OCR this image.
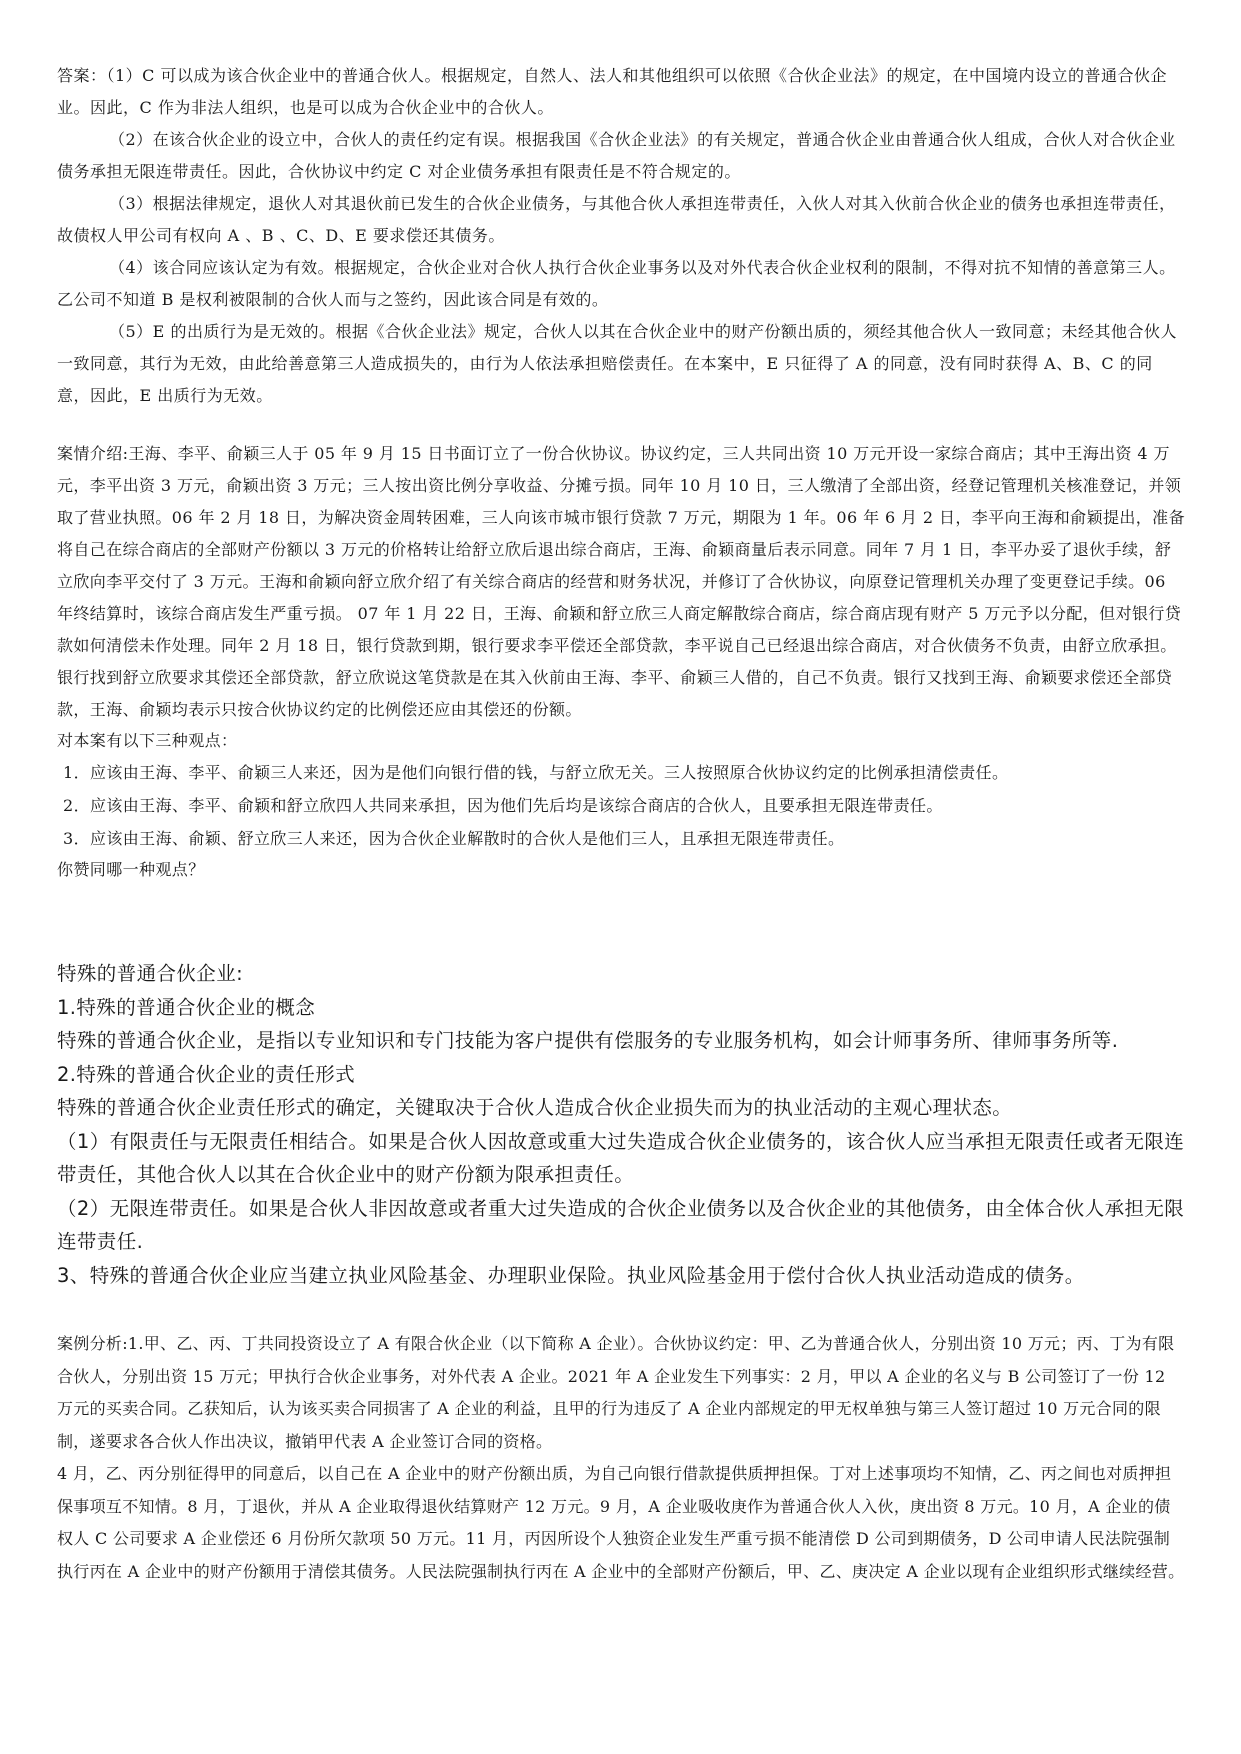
答案：（1）C 可以成为该合伙企业中的普通合伙人。根据规定，自然人、法人和其他组织可以依照《合伙企业法》的规定，在中国境内设立的普通合伙企业。因此，C 作为非法人组织，也是可以成为合伙企业中的合伙人。

（2）在该合伙企业的设立中，合伙人的责任约定有误。根据我国《合伙企业法》的有关规定，普通合伙企业由普通合伙人组成，合伙人对合伙企业债务承担无限连带责任。因此，合伙协议中约定 C 对企业债务承担有限责任是不符合规定的。

（3）根据法律规定，退伙人对其退伙前已发生的合伙企业债务，与其他合伙人承担连带责任，入伙人对其入伙前合伙企业的债务也承担连带责任，故债权人甲公司有权向 A 、B 、C、D、E 要求偿还其债务。

（4）该合同应该认定为有效。根据规定，合伙企业对合伙人执行合伙企业事务以及对外代表合伙企业权利的限制，不得对抗不知情的善意第三人。乙公司不知道 B 是权利被限制的合伙人而与之签约，因此该合同是有效的。

（5）E 的出质行为是无效的。根据《合伙企业法》规定，合伙人以其在合伙企业中的财产份额出质的，须经其他合伙人一致同意；未经其他合伙人一致同意，其行为无效，由此给善意第三人造成损失的，由行为人依法承担赔偿责任。在本案中，E 只征得了 A 的同意，没有同时获得 A、B、C 的同意，因此，E 出质行为无效。

案情介绍:王海、李平、俞颖三人于 05 年 9 月 15 日书面订立了一份合伙协议。协议约定，三人共同出资 10 万元开设一家综合商店；其中王海出资 4 万元，李平出资 3 万元，俞颖出资 3 万元；三人按出资比例分享收益、分摊亏损。同年 10 月 10 日，三人缴清了全部出资，经登记管理机关核准登记，并领取了营业执照。06 年 2 月 18 日，为解决资金周转困难，三人向该市城市银行贷款 7 万元，期限为 1 年。06 年 6 月 2 日，李平向王海和俞颖提出，准备将自己在综合商店的全部财产份额以 3 万元的价格转让给舒立欣后退出综合商店，王海、俞颖商量后表示同意。同年 7 月 1 日，李平办妥了退伙手续，舒立欣向李平交付了 3 万元。王海和俞颖向舒立欣介绍了有关综合商店的经营和财务状况，并修订了合伙协议，向原登记管理机关办理了变更登记手续。06 年终结算时，该综合商店发生严重亏损。 07 年 1 月 22 日，王海、俞颖和舒立欣三人商定解散综合商店，综合商店现有财产 5 万元予以分配，但对银行贷款如何清偿未作处理。同年 2 月 18 日，银行贷款到期，银行要求李平偿还全部贷款，李平说自己已经退出综合商店，对合伙债务不负责，由舒立欣承担。银行找到舒立欣要求其偿还全部贷款，舒立欣说这笔贷款是在其入伙前由王海、李平、俞颖三人借的，自己不负责。银行又找到王海、俞颖要求偿还全部贷款，王海、俞颖均表示只按合伙协议约定的比例偿还应由其偿还的份额。

对本案有以下三种观点：

1．应该由王海、李平、俞颖三人来还，因为是他们向银行借的钱，与舒立欣无关。三人按照原合伙协议约定的比例承担清偿责任。

2．应该由王海、李平、俞颖和舒立欣四人共同来承担，因为他们先后均是该综合商店的合伙人，且要承担无限连带责任。

3．应该由王海、俞颖、舒立欣三人来还，因为合伙企业解散时的合伙人是他们三人，且承担无限连带责任。

你赞同哪一种观点？

特殊的普通合伙企业:

1.特殊的普通合伙企业的概念

特殊的普通合伙企业，是指以专业知识和专门技能为客户提供有偿服务的专业服务机构，如会计师事务所、律师事务所等.

2.特殊的普通合伙企业的责任形式

特殊的普通合伙企业责任形式的确定，关键取决于合伙人造成合伙企业损失而为的执业活动的主观心理状态。

（1）有限责任与无限责任相结合。如果是合伙人因故意或重大过失造成合伙企业债务的，该合伙人应当承担无限责任或者无限连带责任，其他合伙人以其在合伙企业中的财产份额为限承担责任。

（2）无限连带责任。如果是合伙人非因故意或者重大过失造成的合伙企业债务以及合伙企业的其他债务，由全体合伙人承担无限连带责任.

3、特殊的普通合伙企业应当建立执业风险基金、办理职业保险。执业风险基金用于偿付合伙人执业活动造成的债务。

案例分析:1.甲、乙、丙、丁共同投资设立了 A 有限合伙企业（以下简称 A 企业）。合伙协议约定：甲、乙为普通合伙人，分别出资 10 万元；丙、丁为有限合伙人，分别出资 15 万元；甲执行合伙企业事务，对外代表 A 企业。2021 年 A 企业发生下列事实：2 月，甲以 A 企业的名义与 B 公司签订了一份 12 万元的买卖合同。乙获知后，认为该买卖合同损害了 A 企业的利益，且甲的行为违反了 A 企业内部规定的甲无权单独与第三人签订超过 10 万元合同的限制，遂要求各合伙人作出决议，撤销甲代表 A 企业签订合同的资格。

4 月，乙、丙分别征得甲的同意后，以自己在 A 企业中的财产份额出质，为自己向银行借款提供质押担保。丁对上述事项均不知情，乙、丙之间也对质押担保事项互不知情。8 月，丁退伙，并从 A 企业取得退伙结算财产 12 万元。9 月，A 企业吸收庚作为普通合伙人入伙，庚出资 8 万元。10 月，A 企业的债权人 C 公司要求 A 企业偿还 6 月份所欠款项 50 万元。11 月，丙因所设个人独资企业发生严重亏损不能清偿 D 公司到期债务，D 公司申请人民法院强制执行丙在 A 企业中的财产份额用于清偿其债务。人民法院强制执行丙在 A 企业中的全部财产份额后，甲、乙、庚决定 A 企业以现有企业组织形式继续经营。
